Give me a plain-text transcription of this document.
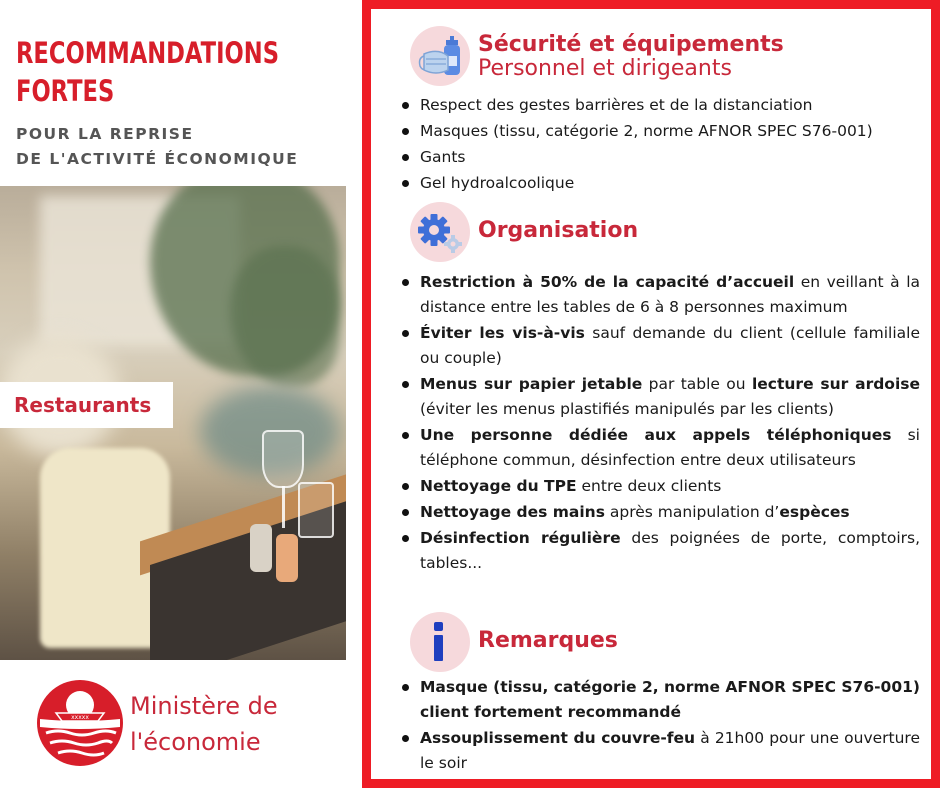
RECOMMANDATIONS
FORTES
POUR LA REPRISE
DE L'ACTIVITÉ ÉCONOMIQUE
Restaurants
xxxxx Ministère de
l'économie
Sécurité et équipements
Personnel et dirigeants
Respect des gestes barrières et de la distanciation
Masques (tissu, catégorie 2, norme AFNOR SPEC S76-001)
Gants
Gel hydroalcoolique
Organisation
Restriction à 50% de la capacité d’accueil en veillant à la distance entre les tables de 6 à 8 personnes maximum
Éviter les vis-à-vis sauf demande du client (cellule familiale ou couple)
Menus sur papier jetable par table ou lecture sur ardoise (éviter les menus plastifiés manipulés par les clients)
Une personne dédiée aux appels téléphoniques si téléphone commun, désinfection entre deux utilisateurs
Nettoyage du TPE entre deux clients
Nettoyage des mains après manipulation d’espèces
Désinfection régulière des poignées de porte, comptoirs, tables...
Remarques
Masque (tissu, catégorie 2, norme AFNOR SPEC S76-001) client fortement recommandé
Assouplissement du couvre-feu à 21h00 pour une ouverture le soir
